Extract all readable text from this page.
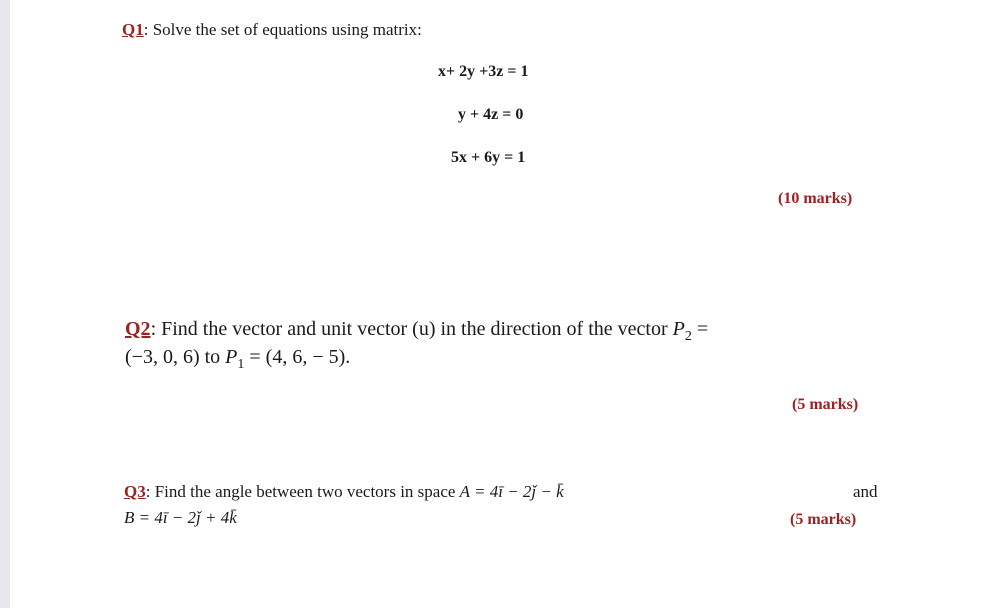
Q1: Solve the set of equations using matrix:
x+ 2y +3z = 1
y + 4z = 0
5x + 6y = 1
(10 marks)
Q2: Find the vector and unit vector (u) in the direction of the vector $P_2$ =
(−3, 0, 6) to $P_1 = (4$, 6, − 5).
(5 marks)
Q3: Find the angle between two vectors in space A = 4ī − 2ǰ − k̄	and
B = 4ī − 2ǰ + 4k̄	(5 marks)
